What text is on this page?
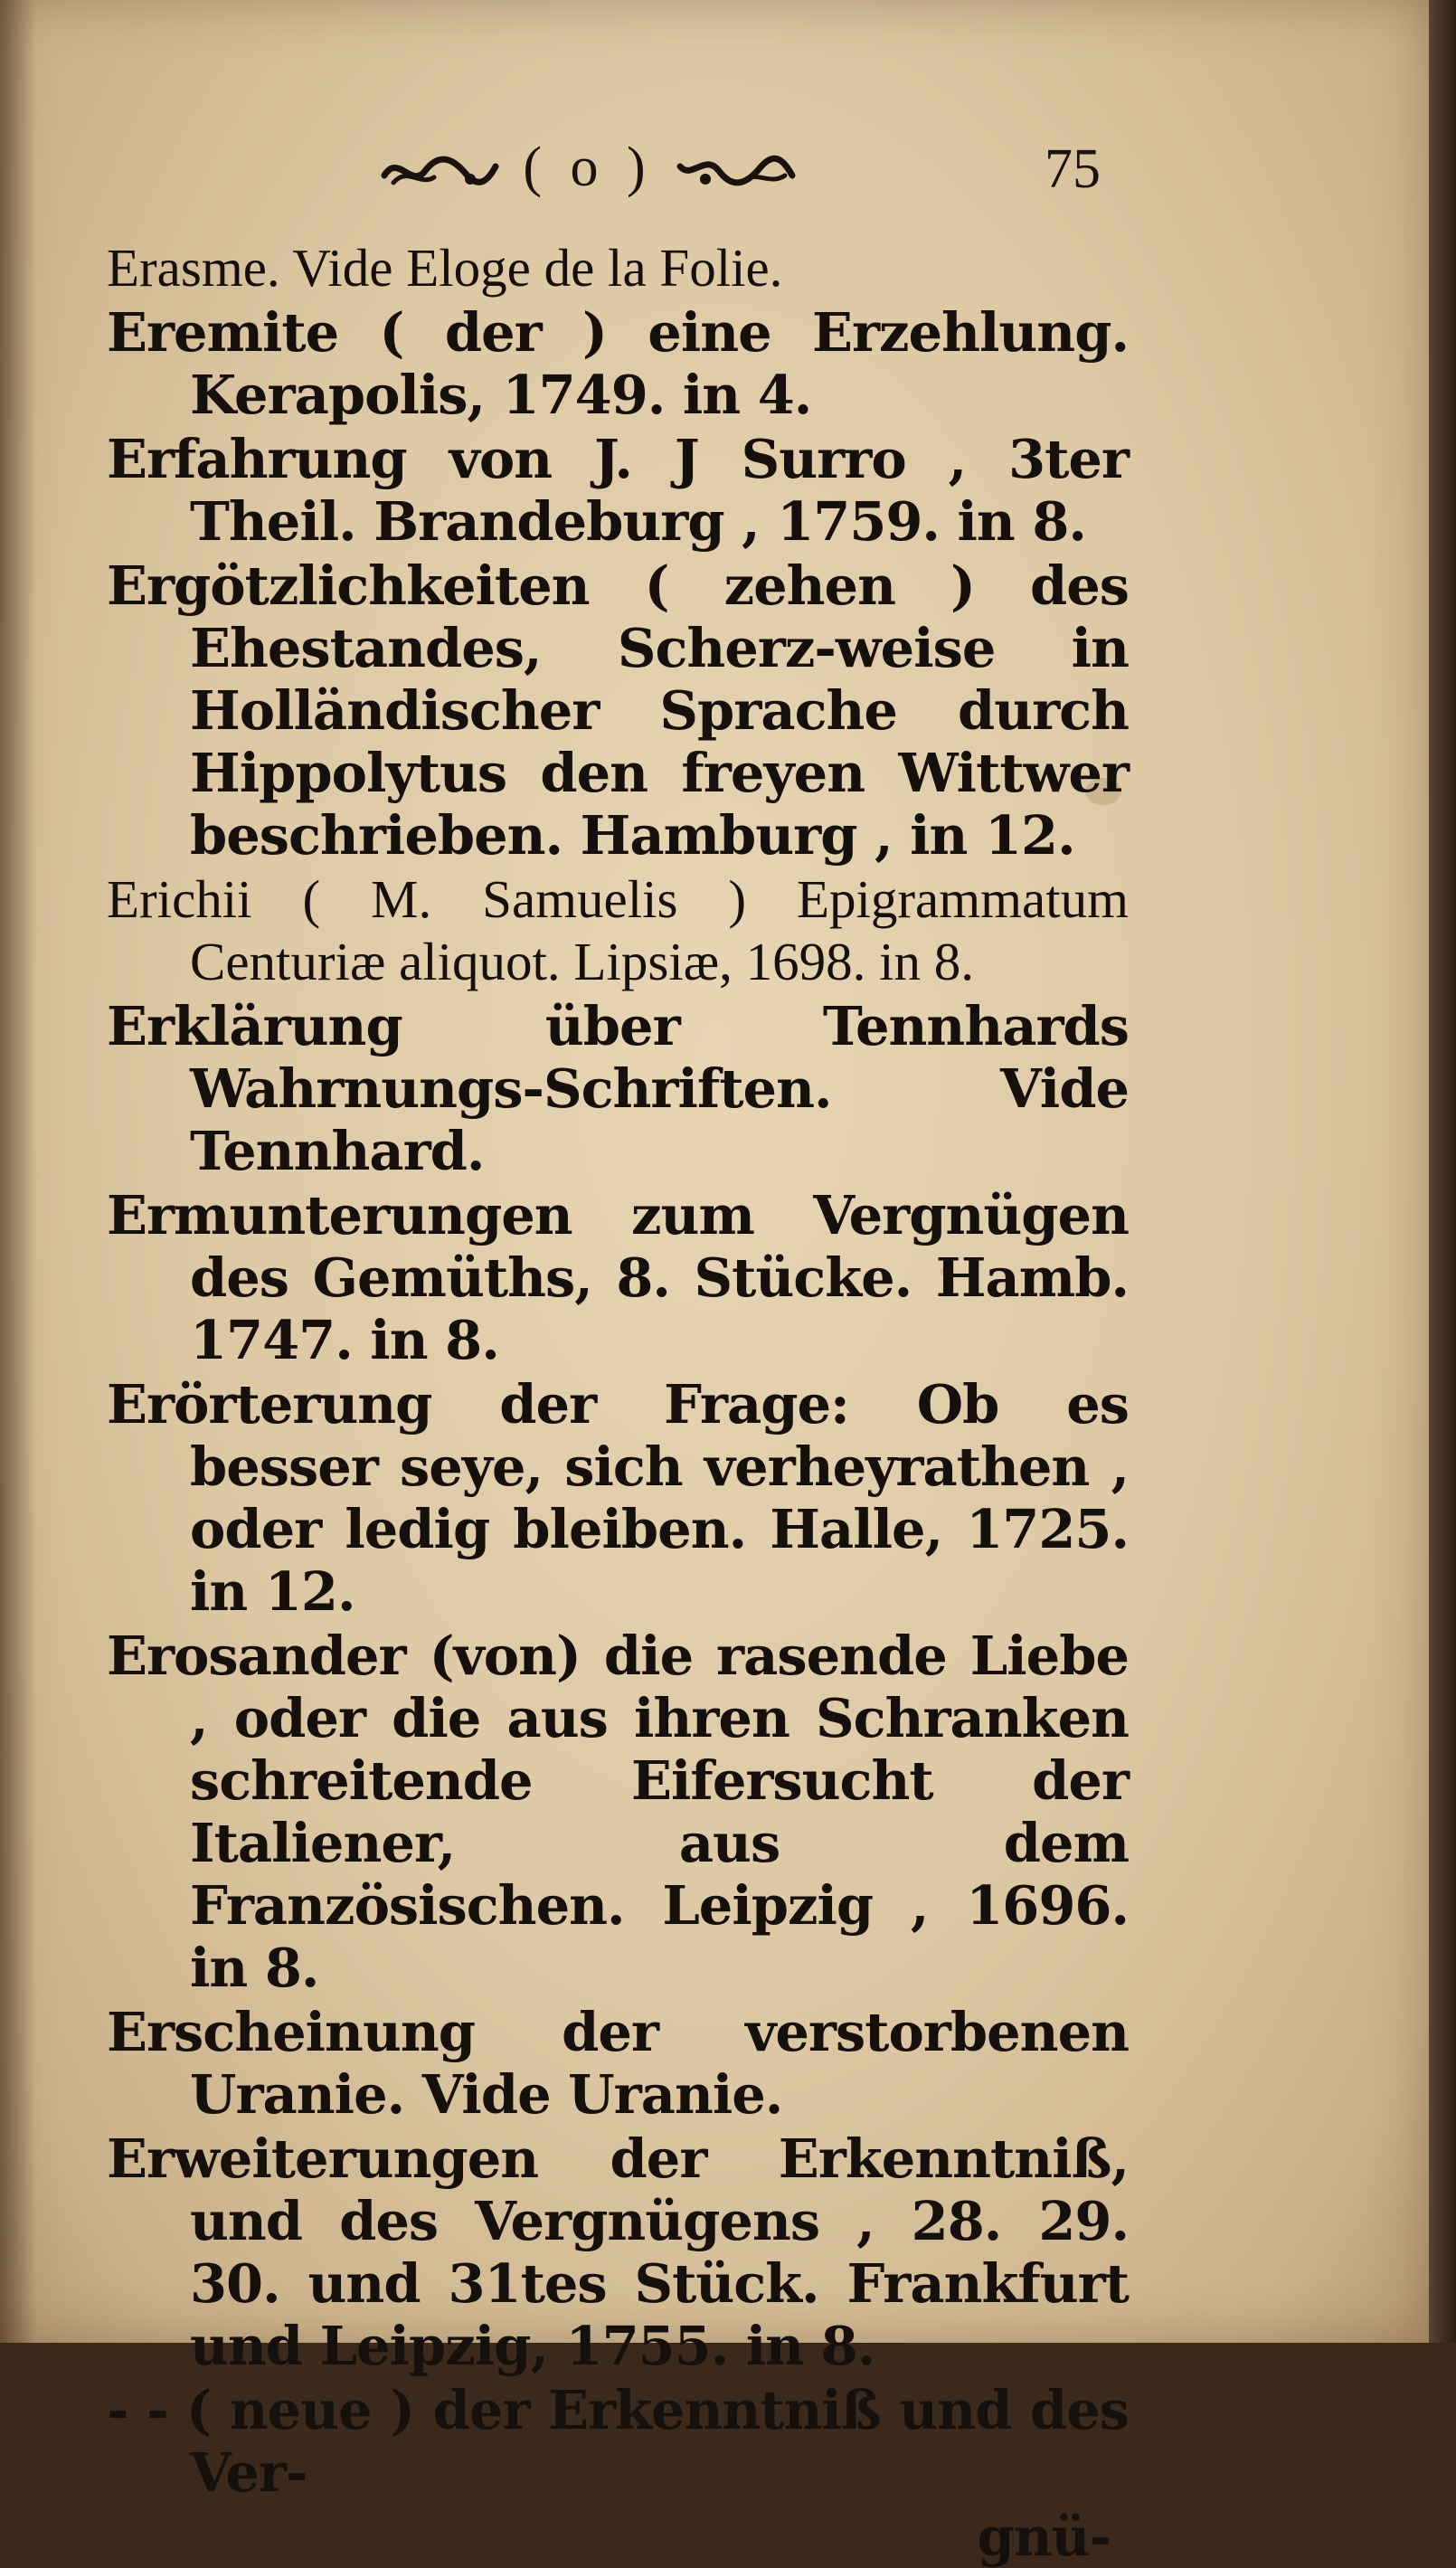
( o )	75
Erasme. Vide Eloge de la Folie.
Eremite ( der ) eine Erzehlung. Kerapolis, 1749. in 4.
Erfahrung von J. J Surro , 3ter Theil. Brandeburg , 1759. in 8.
Ergötzlichkeiten ( zehen ) des Ehestandes, Scherz-weise in Holländischer Sprache durch Hippolytus den freyen Wittwer beschrieben. Hamburg , in 12.
Erichii ( M. Samuelis ) Epigrammatum Centuriæ aliquot. Lipsiæ, 1698. in 8.
Erklärung über Tennhards Wahrnungs-Schriften. Vide Tennhard.
Ermunterungen zum Vergnügen des Gemüths, 8. Stücke. Hamb. 1747. in 8.
Erörterung der Frage: Ob es besser seye, sich verheyrathen , oder ledig bleiben. Halle, 1725. in 12.
Erosander (von) die rasende Liebe , oder die aus ihren Schranken schreitende Eifersucht der Italiener, aus dem Französischen. Leipzig , 1696. in 8.
Erscheinung der verstorbenen Uranie. Vide Uranie.
Erweiterungen der Erkenntniß, und des Vergnügens , 28. 29. 30. und 31tes Stück. Frankfurt und Leipzig, 1755. in 8.
- - ( neue ) der Erkenntniß und des Ver-
gnü-
